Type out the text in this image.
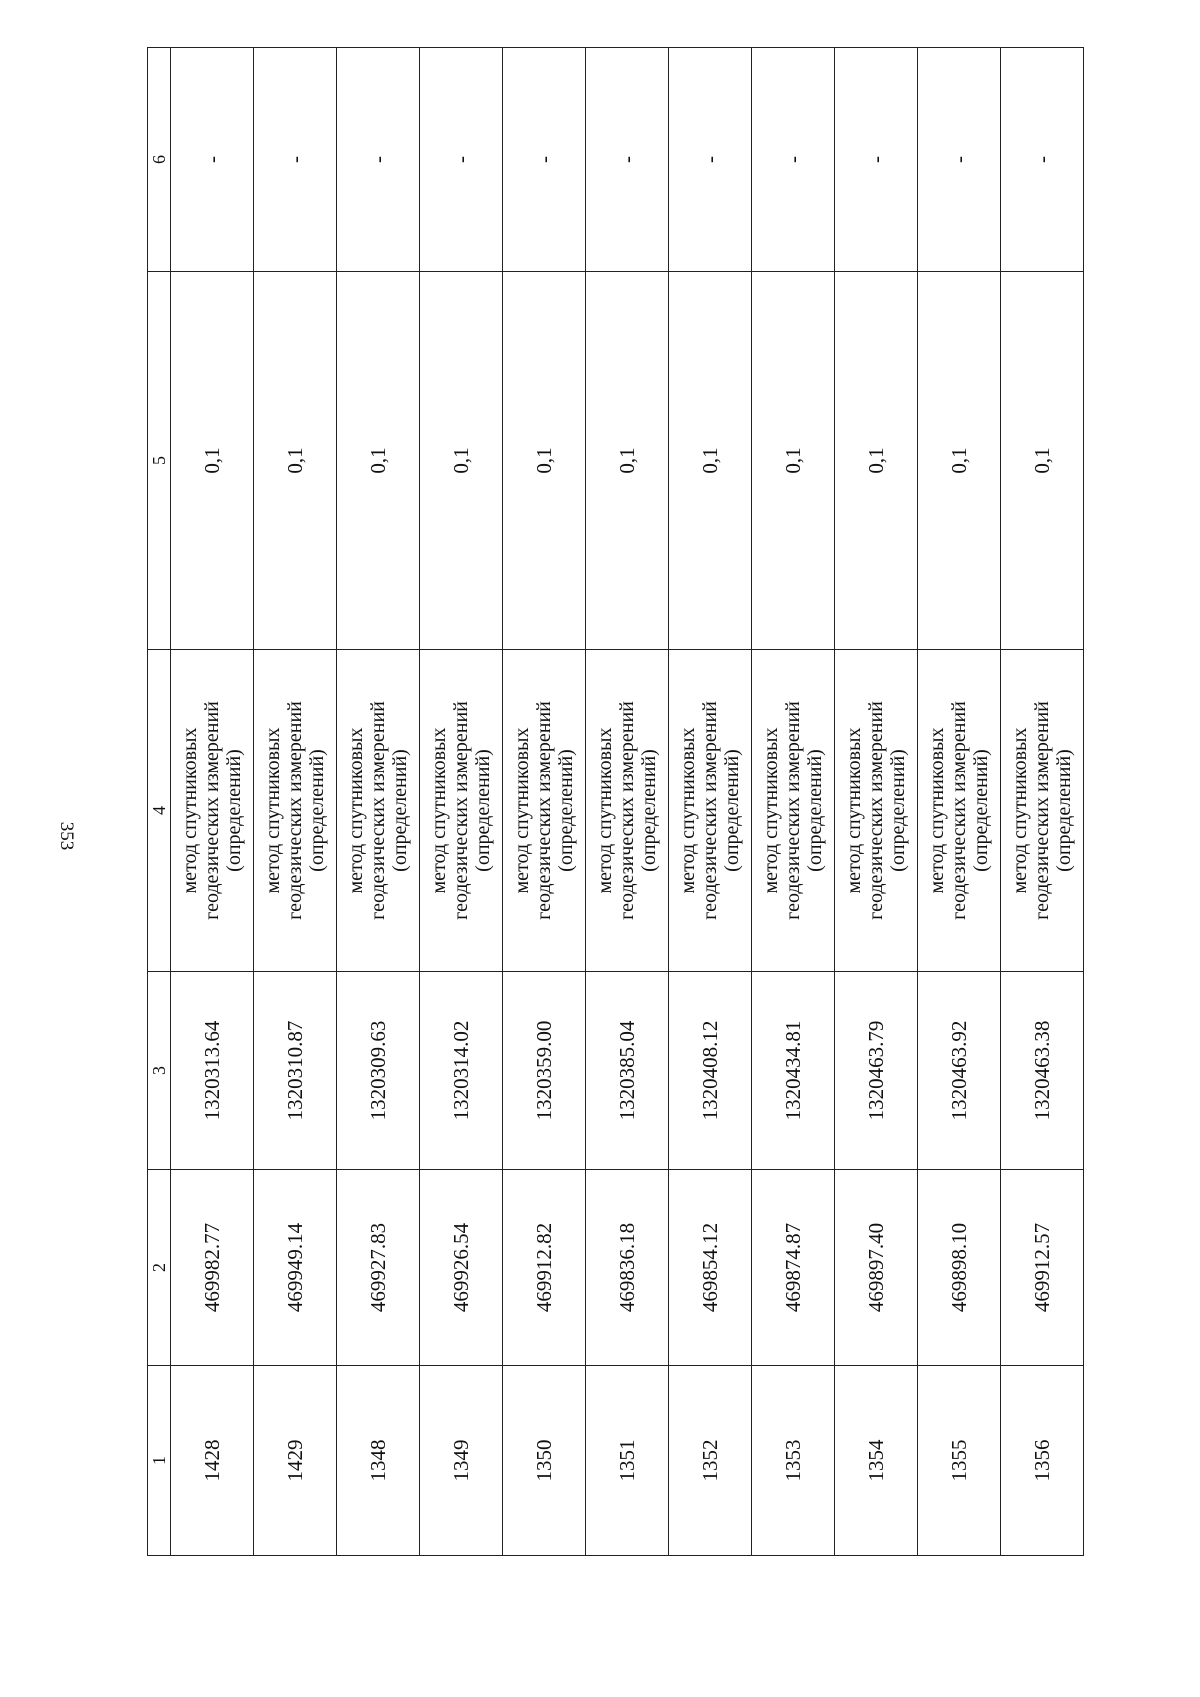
353
1	2	3	4	5	6
1428	469982.77	1320313.64	метод спутниковых геодезических измерений (определений)	0,1	-
1429	469949.14	1320310.87	метод спутниковых геодезических измерений (определений)	0,1	-
1348	469927.83	1320309.63	метод спутниковых геодезических измерений (определений)	0,1	-
1349	469926.54	1320314.02	метод спутниковых геодезических измерений (определений)	0,1	-
1350	469912.82	1320359.00	метод спутниковых геодезических измерений (определений)	0,1	-
1351	469836.18	1320385.04	метод спутниковых геодезических измерений (определений)	0,1	-
1352	469854.12	1320408.12	метод спутниковых геодезических измерений (определений)	0,1	-
1353	469874.87	1320434.81	метод спутниковых геодезических измерений (определений)	0,1	-
1354	469897.40	1320463.79	метод спутниковых геодезических измерений (определений)	0,1	-
1355	469898.10	1320463.92	метод спутниковых геодезических измерений (определений)	0,1	-
1356	469912.57	1320463.38	метод спутниковых геодезических измерений (определений)	0,1	-
